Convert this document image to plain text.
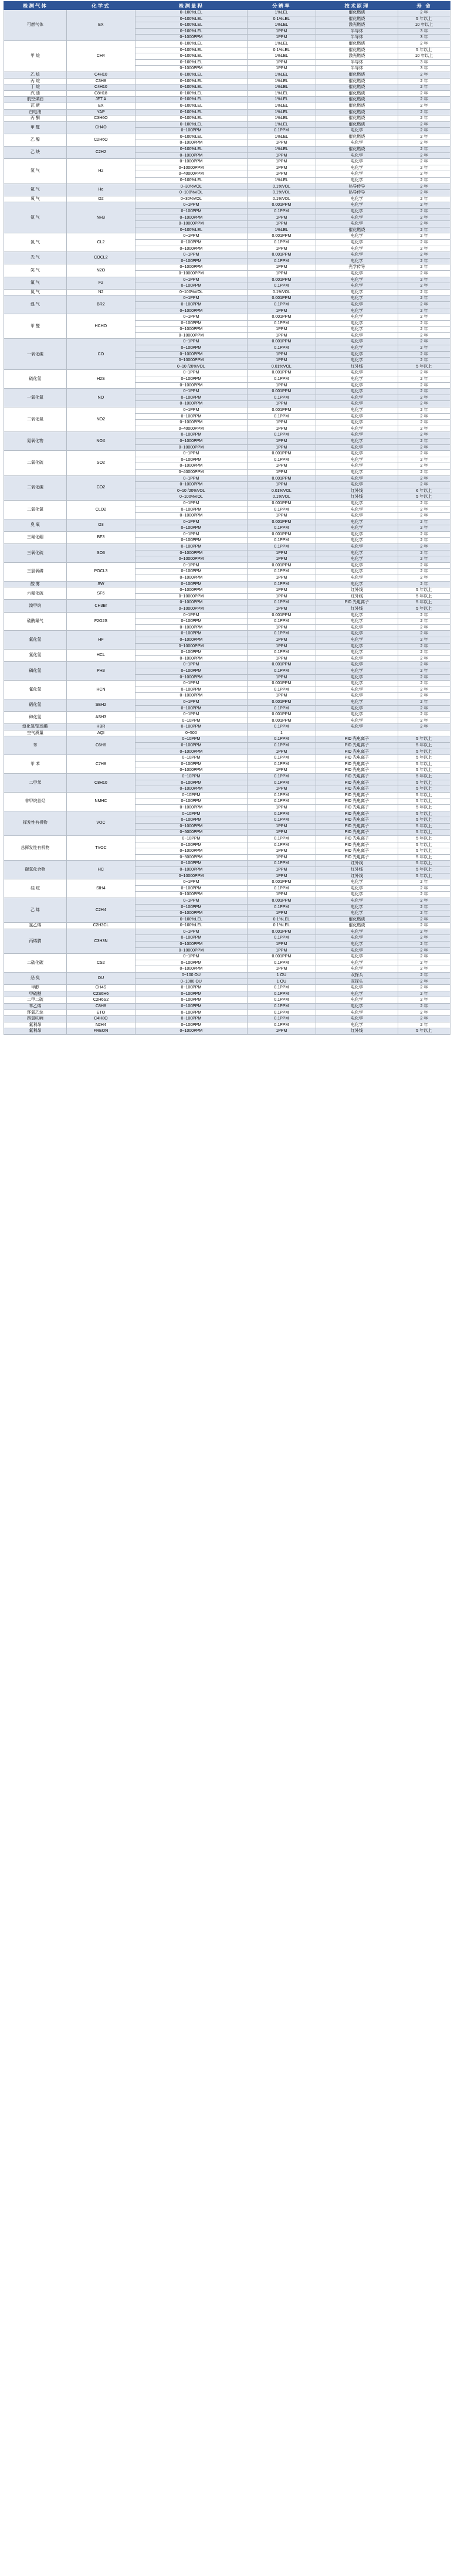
检测气体	化学式	检测量程	分辨率	技术原理	寿 命
可燃气体	EX	0~100%LEL	1%LEL	催化燃烧	2 年
		0~100%LEL	0.1%LEL	催化燃烧	5 年以上
		0~100%LEL	1%LEL	激光燃烧	10 年以上
		0~100%LEL	1PPM	半导体	3 年
		0~1000PPM	1PPM	半导体	3 年
甲 烷	CH4	0~100%LEL	1%LEL	催化燃烧	2 年
		0~100%LEL	0.1%LEL	催化燃烧	5 年以上
		0~100%LEL	1%LEL	激光燃烧	10 年以上
		0~100%LEL	1PPM	半导体	3 年
		0~1000PPM	1PPM	半导体	3 年
乙 烷	C4H10	0~100%LEL	1%LEL	催化燃烧	2 年
丙 烷	C3H8	0~100%LEL	1%LEL	催化燃烧	2 年
丁 烷	C4H10	0~100%LEL	1%LEL	催化燃烧	2 年
汽 油	C8H18	0~100%LEL	1%LEL	催化燃烧	2 年
航空煤油	JET A	0~100%LEL	1%LEL	催化燃烧	2 年
瓦 斯	EX	0~100%LEL	1%LEL	催化燃烧	2 年
白电油	YAP	0~100%LEL	1%LEL	催化燃烧	2 年
丙 酮	C3H6O	0~100%LEL	1%LEL	催化燃烧	2 年
甲 醛	CH4O	0~100%LEL	1%LEL	催化燃烧	2 年
		0~100PPM	0.1PPM	电化学	2 年
乙 醇	C2H6O	0~100%LEL	1%LEL	催化燃烧	2 年
		0~1000PPM	1PPM	电化学	2 年
乙 炔	C2H2	0~100%LEL	1%LEL	催化燃烧	2 年
		0~1000PPM	1PPM	电化学	2 年
氢 气	H2	0~1000PPM	1PPM	电化学	2 年
		0~10000PPM	1PPM	电化学	2 年
		0~40000PPM	1PPM	电化学	2 年
		0~100%LEL	1%LEL	电化学	2 年
氦 气	He	0~30%VOL	0.1%VOL	热导传导	2 年
		0~100%VOL	0.1%VOL	热导传导	2 年
氧 气	O2	0~30%VOL	0.1%VOL	电化学	2 年
氨 气	NH3	0~1PPM	0.001PPM	电化学	2 年
		0~100PPM	0.1PPM	电化学	2 年
		0~1000PPM	1PPM	电化学	2 年
		0~10000PPM	1PPM	电化学	2 年
		0~100%LEL	1%LEL	催化燃烧	2 年
氯 气	CL2	0~1PPM	0.001PPM	电化学	2 年
		0~100PPM	0.1PPM	电化学	2 年
		0~1000PPM	1PPM	电化学	2 年
光 气	COCL2	0~1PPM	0.001PPM	电化学	2 年
		0~100PPM	0.1PPM	电化学	2 年
笑 气	N2O	0~1000PPM	1PPM	光学传导	2 年
		0~10000PPM	1PPM	电化学	2 年
氟 气	F2	0~1PPM	0.001PPM	电化学	2 年
		0~100PPM	0.1PPM	电化学	2 年
氮 气	N2	0~100%VOL	0.1%VOL	电化学	2 年
溴 气	BR2	0~1PPM	0.001PPM	电化学	2 年
		0~100PPM	0.1PPM	电化学	2 年
		0~1000PPM	1PPM	电化学	2 年
甲 醛	HCHO	0~1PPM	0.001PPM	电化学	2 年
		0~100PPM	0.1PPM	电化学	2 年
		0~1000PPM	1PPM	电化学	2 年
		0~10000PPM	1PPM	电化学	2 年
一氧化碳	CO	0~1PPM	0.001PPM	电化学	2 年
		0~100PPM	0.1PPM	电化学	2 年
		0~1000PPM	1PPM	电化学	2 年
		0~10000PPM	1PPM	电化学	2 年
		0~10 /20%VOL	0.01%VOL	红外线	5 年以上
硫化氢	H2S	0~1PPM	0.001PPM	电化学	2 年
		0~100PPM	0.1PPM	电化学	2 年
		0~1000PPM	1PPM	电化学	2 年
一氧化氮	NO	0~1PPM	0.001PPM	电化学	2 年
		0~100PPM	0.1PPM	电化学	2 年
		0~1000PPM	1PPM	电化学	2 年
二氧化氮	NO2	0~1PPM	0.001PPM	电化学	2 年
		0~100PPM	0.1PPM	电化学	2 年
		0~1000PPM	1PPM	电化学	2 年
		0~40000PPM	1PPM	电化学	2 年
氮氧化物	NOX	0~100PPM	0.1PPM	电化学	2 年
		0~1000PPM	1PPM	电化学	2 年
		0~10000PPM	1PPM	电化学	2 年
二氧化硫	SO2	0~1PPM	0.001PPM	电化学	2 年
		0~100PPM	0.1PPM	电化学	2 年
		0~1000PPM	1PPM	电化学	2 年
		0~40000PPM	1PPM	电化学	2 年
二氧化碳	CO2	0~1PPM	0.001PPM	电化学	2 年
		0~1000PPM	1PPM	电化学	2 年
		0~10 /20%VOL	0.01%VOL	红外线	6 年以上
		0~100%VOL	0.1%VOL	红外线	5 年以上
二氧化氯	CLO2	0~1PPM	0.001PPM	电化学	2 年
		0~100PPM	0.1PPM	电化学	2 年
		0~1000PPM	1PPM	电化学	2 年
臭 氧	O3	0~1PPM	0.001PPM	电化学	2 年
		0~100PPM	0.1PPM	电化学	2 年
三氟化硼	BF3	0~1PPM	0.001PPM	电化学	2 年
		0~100PPM	0.1PPM	电化学	2 年
三氧化硫	SO3	0~100PPM	0.1PPM	电化学	2 年
		0~1000PPM	1PPM	电化学	2 年
		0~10000PPM	1PPM	电化学	2 年
三氯氧磷	POCL3	0~1PPM	0.001PPM	电化学	2 年
		0~100PPM	0.1PPM	电化学	2 年
		0~1000PPM	1PPM	电化学	2 年
酸 雾	SW	0~100PPM	0.1PPM	电化学	2 年
六氟化硫	SF6	0~1000PPM	1PPM	红外线	5 年以上
		0~10000PPM	1PPM	红外线	5 年以上
溴甲烷	CH3Br	0~1000PPM	0.1PPM	PID 光电离子	5 年以上
		0~10000PPM	1PPM	红外线	5 年以上
硫酰氟气	F2O2S	0~1PPM	0.001PPM	电化学	2 年
		0~100PPM	0.1PPM	电化学	2 年
		0~1000PPM	1PPM	电化学	2 年
氟化氢	HF	0~100PPM	0.1PPM	电化学	2 年
		0~1000PPM	1PPM	电化学	2 年
		0~10000PPM	1PPM	电化学	2 年
氯化氢	HCL	0~100PPM	0.1PPM	电化学	2 年
		0~1000PPM	1PPM	电化学	2 年
磷化氢	PH3	0~1PPM	0.001PPM	电化学	2 年
		0~100PPM	0.1PPM	电化学	2 年
		0~1000PPM	1PPM	电化学	2 年
氰化氢	HCN	0~1PPM	0.001PPM	电化学	2 年
		0~100PPM	0.1PPM	电化学	2 年
		0~1000PPM	1PPM	电化学	2 年
硒化氢	SEH2	0~1PPM	0.001PPM	电化学	2 年
		0~100PPM	0.1PPM	电化学	2 年
砷化氢	ASH3	0~1PPM	0.001PPM	电化学	2 年
		0~10PPM	0.001PPM	电化学	2 年
溴化氢/氢溴酸	HBR	0~100PPM	0.1PPM	电化学	2 年
空气质量	AQI	0~500	1		
苯	C6H6	0~10PPM	0.1PPM	PID 光电离子	5 年以上
		0~100PPM	0.1PPM	PID 光电离子	5 年以上
		0~1000PPM	1PPM	PID 光电离子	5 年以上
甲 苯	C7H8	0~10PPM	0.1PPM	PID 光电离子	5 年以上
		0~100PPM	0.1PPM	PID 光电离子	5 年以上
		0~1000PPM	1PPM	PID 光电离子	5 年以上
二甲苯	C8H10	0~10PPM	0.1PPM	PID 光电离子	5 年以上
		0~100PPM	0.1PPM	PID 光电离子	5 年以上
		0~1000PPM	1PPM	PID 光电离子	5 年以上
非甲烷总烃	NMHC	0~10PPM	0.1PPM	PID 光电离子	5 年以上
		0~100PPM	0.1PPM	PID 光电离子	5 年以上
		0~1000PPM	1PPM	PID 光电离子	5 年以上
挥发性有机物	VOC	0~10PPM	0.1PPM	PID 光电离子	5 年以上
		0~100PPM	0.1PPM	PID 光电离子	5 年以上
		0~1000PPM	1PPM	PID 光电离子	5 年以上
		0~5000PPM	1PPM	PID 光电离子	5 年以上
总挥发性有机物	TVOC	0~10PPM	0.1PPM	PID 光电离子	5 年以上
		0~100PPM	0.1PPM	PID 光电离子	5 年以上
		0~1000PPM	1PPM	PID 光电离子	5 年以上
		0~5000PPM	1PPM	PID 光电离子	5 年以上
碳氢化合物	HC	0~100PPM	0.1PPM	红外线	5 年以上
		0~1000PPM	1PPM	红外线	5 年以上
		0~10000PPM	1PPM	红外线	5 年以上
硅 烷	SIH4	0~1PPM	0.001PPM	电化学	2 年
		0~100PPM	0.1PPM	电化学	2 年
		0~1000PPM	1PPM	电化学	2 年
乙 烯	C2H4	0~1PPM	0.001PPM	电化学	2 年
		0~100PPM	0.1PPM	电化学	2 年
		0~1000PPM	1PPM	电化学	2 年
		0~100%LEL	0.1%LEL	催化燃烧	2 年
氯乙烯	C2H3CL	0~100%LEL	0.1%LEL	催化燃烧	2 年
丙烯腈	C3H3N	0~1PPM	0.001PPM	电化学	2 年
		0~100PPM	0.1PPM	电化学	2 年
		0~1000PPM	1PPM	电化学	2 年
		0~10000PPM	1PPM	电化学	2 年
二硫化碳	CS2	0~1PPM	0.001PPM	电化学	2 年
		0~100PPM	0.1PPM	电化学	2 年
		0~1000PPM	1PPM	电化学	2 年
恶 臭	OU	0~100 OU	1 OU	双探头	2 年
		0~1000 OU	1 OU	双探头	2 年
甲醇	CH4S	0~100PPM	0.1PPM	电化学	2 年
甲硫醚	C2S6H6	0~100PPM	0.1PPM	电化学	2 年
二甲二硫	C2H6S2	0~100PPM	0.1PPM	电化学	2 年
苯乙烯	C8H8	0~100PPM	0.1PPM	电化学	2 年
环氧乙烷	ETO	0~100PPM	0.1PPM	电化学	2 年
四氢呋喃	C4H8O	0~100PPM	0.1PPM	电化学	2 年
氟利昂	N2H4	0~100PPM	0.1PPM	电化学	2 年
氟利昂	FREON	0~1000PPM	1PPM	红外线	5 年以上
